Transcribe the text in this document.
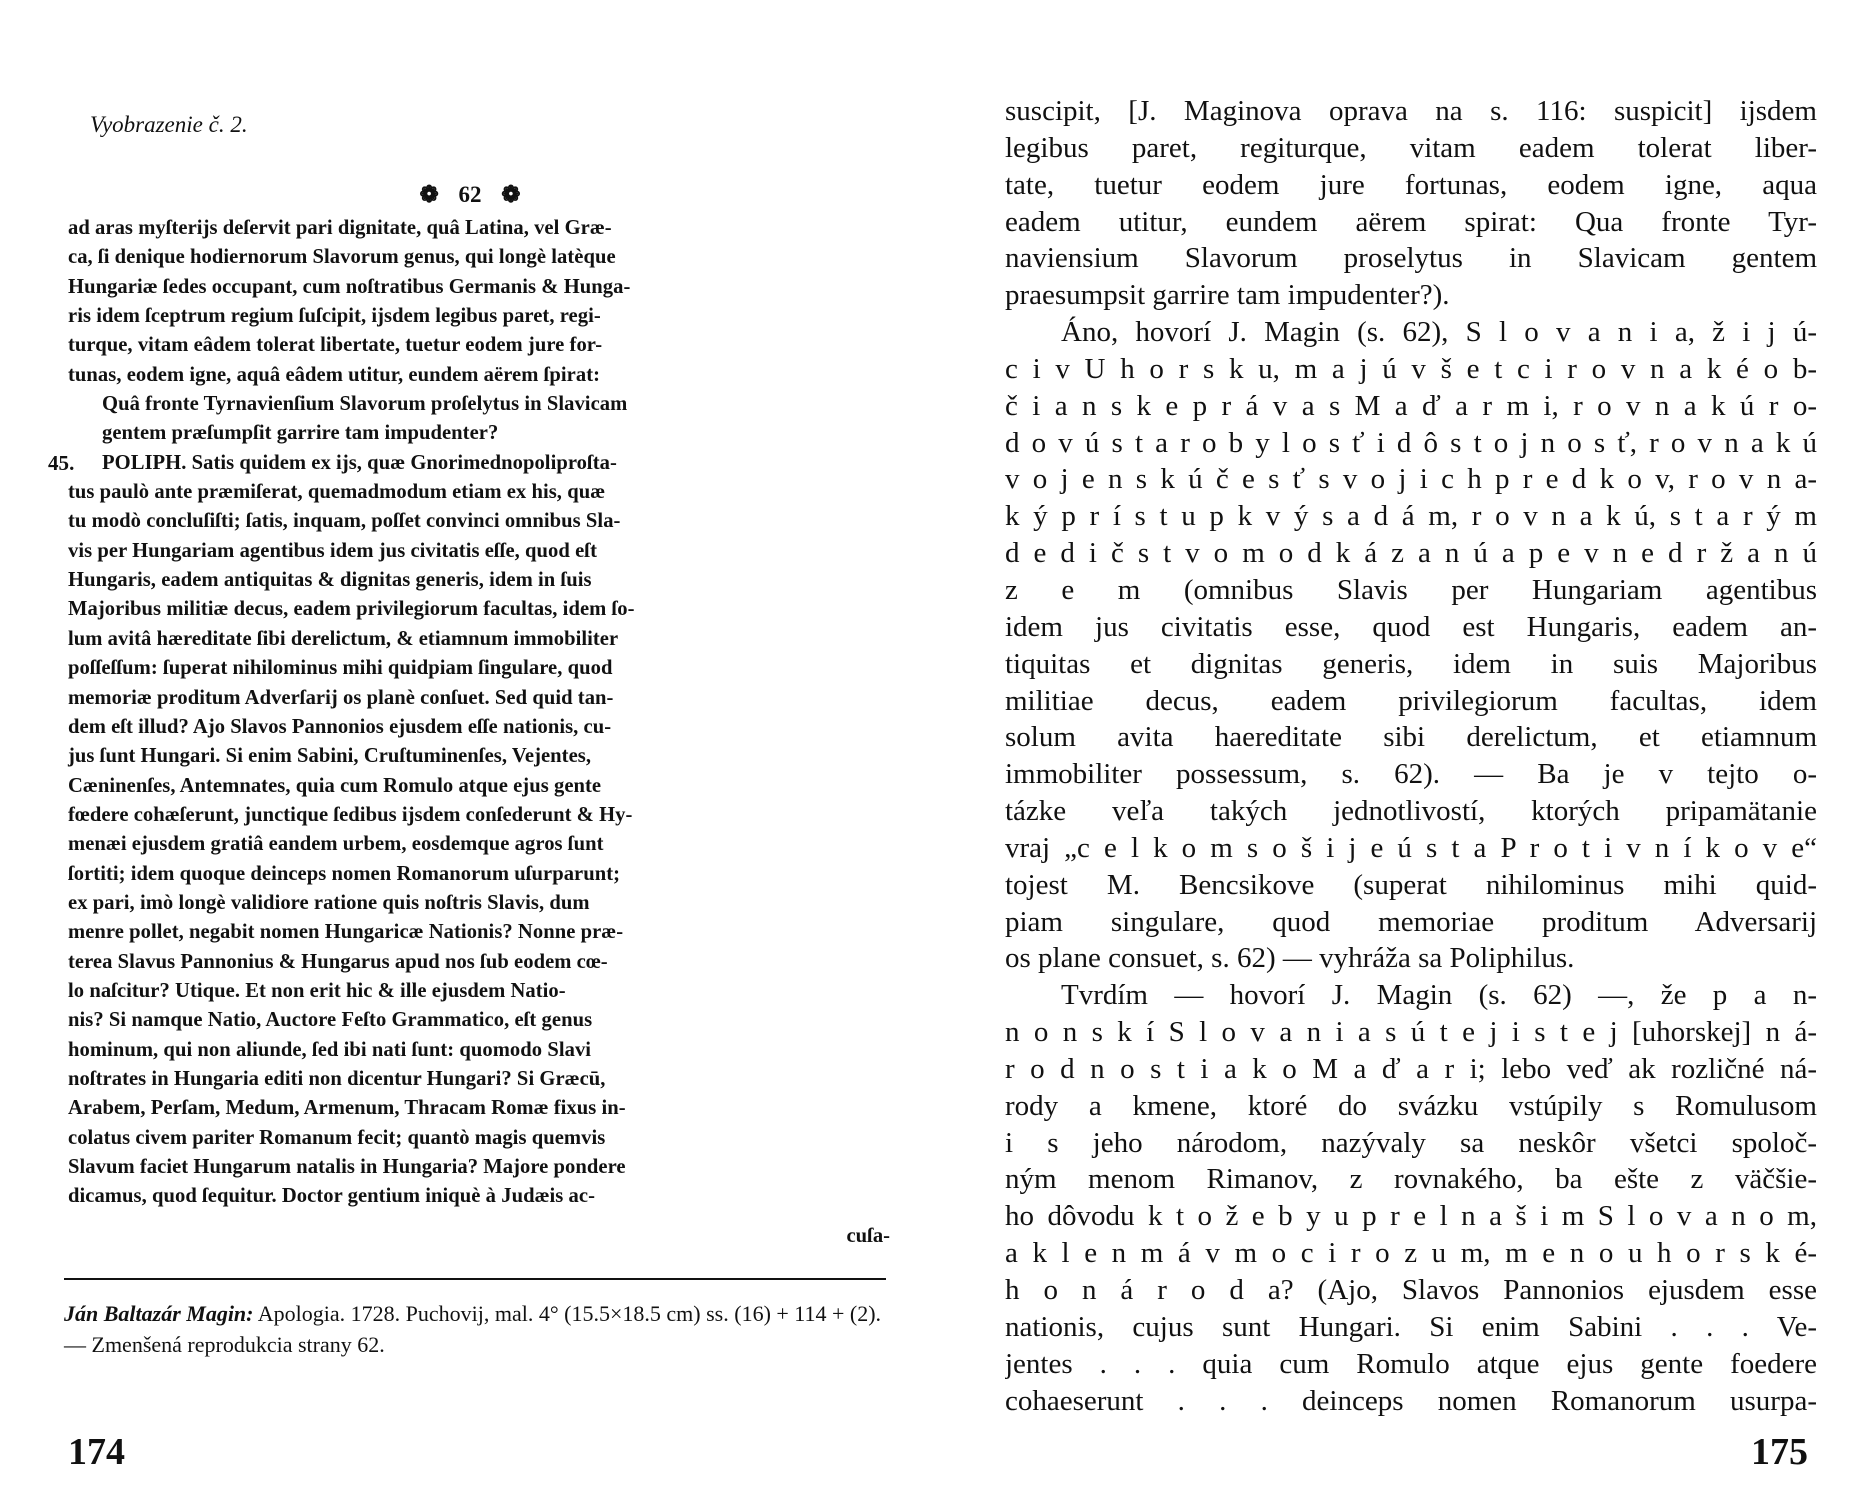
Vyobrazenie č. 2.
❁ 62 ❁
ad aras myſterijs deſervit pari dignitate, quâ Latina, vel Græ-
ca, ſi denique hodiernorum Slavorum genus, qui longè latèque
Hungariæ ſedes occupant, cum noſtratibus Germanis & Hunga-
ris idem ſceptrum regium ſuſcipit, ijsdem legibus paret, regi-
turque, vitam eâdem tolerat libertate, tuetur eodem jure for-
tunas, eodem igne, aquâ eâdem utitur, eundem aërem ſpirat:
Quâ fronte Tyrnavienſium Slavorum proſelytus in Slavicam
gentem præſumpſit garrire tam impudenter?
45. POLIPH. Satis quidem ex ijs, quæ Gnorimednopoliproſta-
tus paulò ante præmiſerat, quemadmodum etiam ex his, quæ
tu modò concluſiſti; ſatis, inquam, poſſet convinci omnibus Sla-
vis per Hungariam agentibus idem jus civitatis eſſe, quod eſt
Hungaris, eadem antiquitas & dignitas generis, idem in ſuis
Majoribus militiæ decus, eadem privilegiorum facultas, idem ſo-
lum avitâ hæreditate ſibi derelictum, & etiamnum immobiliter
poſſeſſum: ſuperat nihilominus mihi quidpiam ſingulare, quod
memoriæ proditum Adverſarij os planè conſuet. Sed quid tan-
dem eſt illud? Ajo Slavos Pannonios ejusdem eſſe nationis, cu-
jus ſunt Hungari. Si enim Sabini, Cruſtuminenſes, Vejentes,
Cæninenſes, Antemnates, quia cum Romulo atque ejus gente
fœdere cohæſerunt, junctique ſedibus ijsdem conſederunt & Hy-
menæi ejusdem gratiâ eandem urbem, eosdemque agros ſunt
ſortiti; idem quoque deinceps nomen Romanorum uſurparunt;
ex pari, imò longè validiore ratione quis noſtris Slavis, dum
menre pollet, negabit nomen Hungaricæ Nationis? Nonne præ-
terea Slavus Pannonius & Hungarus apud nos ſub eodem cœ-
lo naſcitur? Utique. Et non erit hic & ille ejusdem Natio-
nis? Si namque Natio, Auctore Feſto Grammatico, eſt genus
hominum, qui non aliunde, ſed ibi nati ſunt: quomodo Slavi
noſtrates in Hungaria editi non dicentur Hungari? Si Græcū,
Arabem, Perſam, Medum, Armenum, Thracam Romæ fixus in-
colatus civem pariter Romanum fecit; quantò magis quemvis
Slavum faciet Hungarum natalis in Hungaria? Majore pondere
dicamus, quod ſequitur. Doctor gentium iniquè à Judæis ac-
cuſa-
Ján Baltazár Magin: Apologia. 1728. Puchovij, mal. 4° (15.5×18.5 cm) ss. (16) + 114 + (2). — Zmenšená reprodukcia strany 62.
174
suscipit, [J. Maginova oprava na s. 116: suspicit] ijsdem
legibus paret, regiturque, vitam eadem tolerat liber-
tate, tuetur eodem jure fortunas, eodem igne, aqua
eadem utitur, eundem aërem spirat: Qua fronte Tyr-
naviensium Slavorum proselytus in Slavicam gentem
praesumpsit garrire tam impudenter?).
Áno, hovorí J. Magin (s. 62), S l o v a n i a, ž i j ú-
c i v U h o r s k u, m a j ú v š e t c i r o v n a k é o b-
č i a n s k e p r á v a s M a ď a r m i, r o v n a k ú r o-
d o v ú s t a r o b y l o s ť i d ô s t o j n o s ť, r o v n a k ú
v o j e n s k ú č e s ť s v o j i c h p r e d k o v, r o v n a-
k ý p r í s t u p k v ý s a d á m, r o v n a k ú, s t a r ý m
d e d i č s t v o m o d k á z a n ú a p e v n e d r ž a n ú
z e m (omnibus Slavis per Hungariam agentibus
idem jus civitatis esse, quod est Hungaris, eadem an-
tiquitas et dignitas generis, idem in suis Majoribus
militiae decus, eadem privilegiorum facultas, idem
solum avita haereditate sibi derelictum, et etiamnum
immobiliter possessum, s. 62). — Ba je v tejto o-
tázke veľa takých jednotlivostí, ktorých pripamätanie
vraj „c e l k o m s o š i j e ú s t a P r o t i v n í k o v e“
tojest M. Bencsikove (superat nihilominus mihi quid-
piam singulare, quod memoriae proditum Adversarij
os plane consuet, s. 62) — vyhráža sa Poliphilus.
Tvrdím — hovorí J. Magin (s. 62) —, že p a n-
n o n s k í S l o v a n i a s ú t e j i s t e j [uhorskej] n á-
r o d n o s t i a k o M a ď a r i; lebo veď ak rozličné ná-
rody a kmene, ktoré do svázku vstúpily s Romulusom
i s jeho národom, nazývaly sa neskôr všetci spoloč-
ným menom Rimanov, z rovnakého, ba ešte z väčšie-
ho dôvodu k t o ž e b y u p r e l n a š i m S l o v a n o m,
a k l e n m á v m o c i r o z u m, m e n o u h o r s k é-
h o n á r o d a? (Ajo, Slavos Pannonios ejusdem esse
nationis, cujus sunt Hungari. Si enim Sabini . . . Ve-
jentes . . . quia cum Romulo atque ejus gente foedere
cohaeserunt . . . deinceps nomen Romanorum usurpa-
175
